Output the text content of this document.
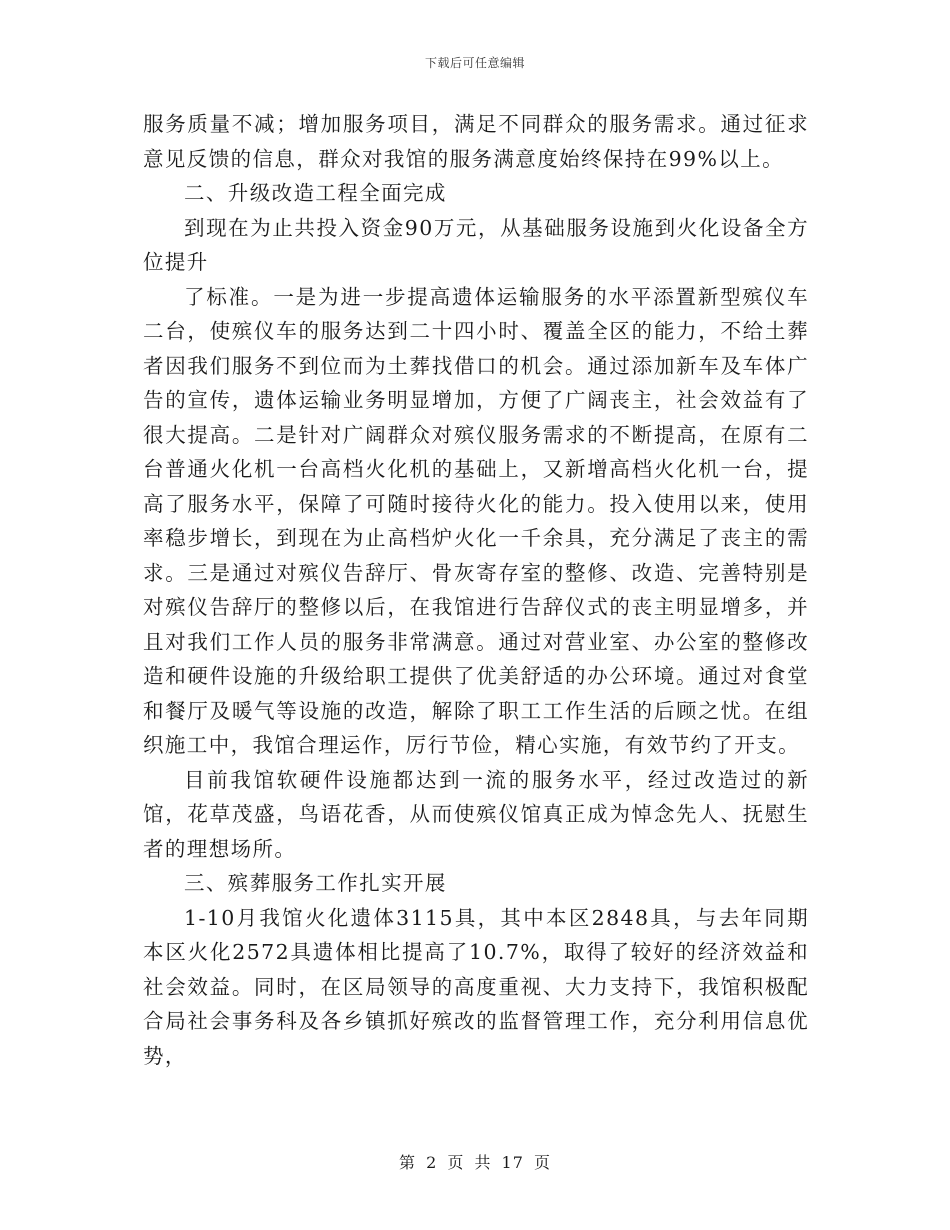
下载后可任意编辑

服务质量不减；增加服务项目，满足不同群众的服务需求。通过征求意见反馈的信息，群众对我馆的服务满意度始终保持在99%以上。

二、升级改造工程全面完成

到现在为止共投入资金90万元，从基础服务设施到火化设备全方位提升

了标准。一是为进一步提高遗体运输服务的水平添置新型殡仪车二台，使殡仪车的服务达到二十四小时、覆盖全区的能力，不给土葬者因我们服务不到位而为土葬找借口的机会。通过添加新车及车体广告的宣传，遗体运输业务明显增加，方便了广阔丧主，社会效益有了很大提高。二是针对广阔群众对殡仪服务需求的不断提高，在原有二台普通火化机一台高档火化机的基础上，又新增高档火化机一台，提高了服务水平，保障了可随时接待火化的能力。投入使用以来，使用率稳步增长，到现在为止高档炉火化一千余具，充分满足了丧主的需求。三是通过对殡仪告辞厅、骨灰寄存室的整修、改造、完善特别是对殡仪告辞厅的整修以后，在我馆进行告辞仪式的丧主明显增多，并且对我们工作人员的服务非常满意。通过对营业室、办公室的整修改造和硬件设施的升级给职工提供了优美舒适的办公环境。通过对食堂和餐厅及暖气等设施的改造，解除了职工工作生活的后顾之忧。在组织施工中，我馆合理运作，厉行节俭，精心实施，有效节约了开支。

目前我馆软硬件设施都达到一流的服务水平，经过改造过的新馆，花草茂盛，鸟语花香，从而使殡仪馆真正成为悼念先人、抚慰生者的理想场所。

三、殡葬服务工作扎实开展

1-10月我馆火化遗体3115具，其中本区2848具，与去年同期本区火化2572具遗体相比提高了10.7%，取得了较好的经济效益和社会效益。同时，在区局领导的高度重视、大力支持下，我馆积极配合局社会事务科及各乡镇抓好殡改的监督管理工作，充分利用信息优势，

第 2 页 共 17 页
